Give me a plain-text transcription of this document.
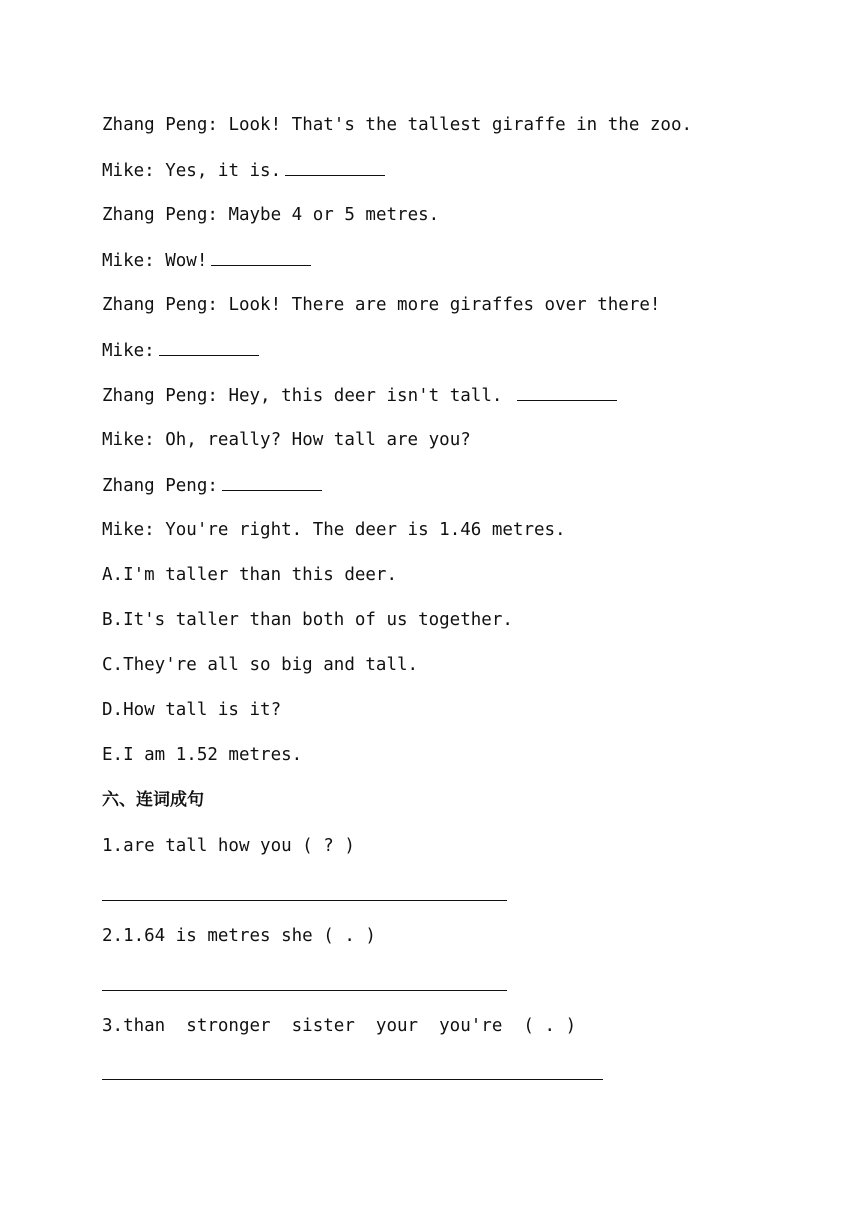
Zhang Peng: Look! That's the tallest giraffe in the zoo.
Mike: Yes, it is.
Zhang Peng: Maybe 4 or 5 metres.
Mike: Wow!
Zhang Peng: Look! There are more giraffes over there!
Mike:
Zhang Peng: Hey, this deer isn't tall.
Mike: Oh, really? How tall are you?
Zhang Peng:
Mike: You're right. The deer is 1.46 metres.
A.I'm taller than this deer.
B.It's taller than both of us together.
C.They're all so big and tall.
D.How tall is it?
E.I am 1.52 metres.
六、连词成句
1.are tall how you ( ? )
2.1.64 is metres she ( . )
3.than  stronger  sister  your  you're  ( . )
